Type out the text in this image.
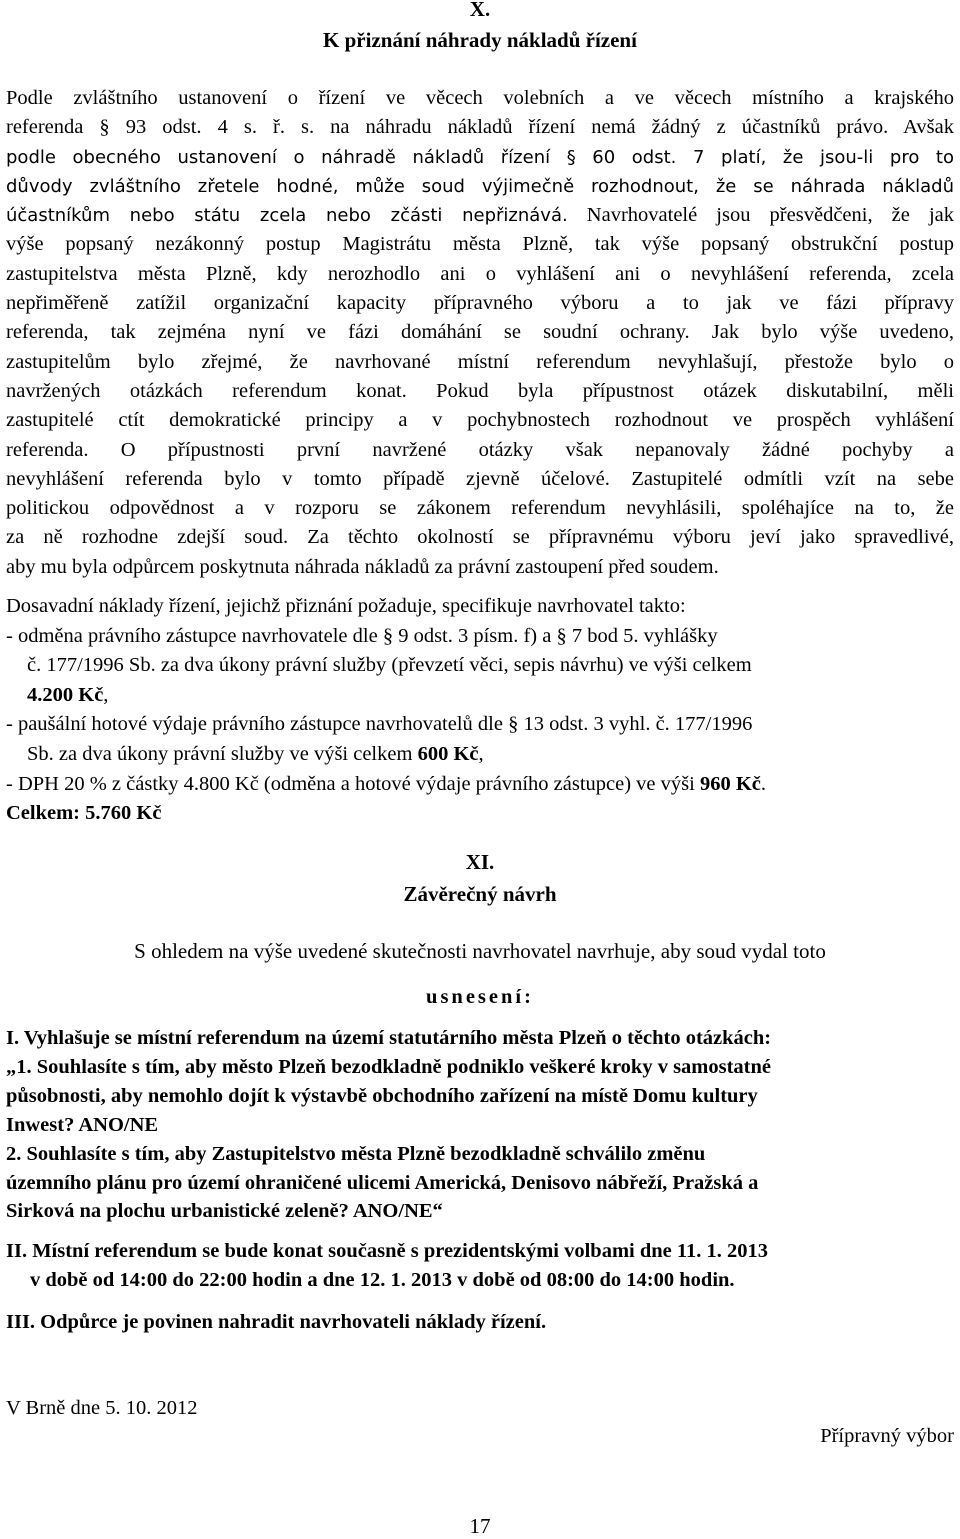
X.
K přiznání náhrady nákladů řízení
Podle zvláštního ustanovení o řízení ve věcech volebních a ve věcech místního a krajského
referenda § 93 odst. 4 s. ř. s. na náhradu nákladů řízení nemá žádný z účastníků právo. Avšak
podle obecného ustanovení o náhradě nákladů řízení § 60 odst. 7 platí, že jsou-li pro to
důvody zvláštního zřetele hodné, může soud výjimečně rozhodnout, že se náhrada nákladů
účastníkům nebo státu zcela nebo zčásti nepřiznává. Navrhovatelé jsou přesvědčeni, že jak
výše popsaný nezákonný postup Magistrátu města Plzně, tak výše popsaný obstrukční postup
zastupitelstva města Plzně, kdy nerozhodlo ani o vyhlášení ani o nevyhlášení referenda, zcela
nepřiměřeně zatížil organizační kapacity přípravného výboru a to jak ve fázi přípravy
referenda, tak zejména nyní ve fázi domáhání se soudní ochrany. Jak bylo výše uvedeno,
zastupitelům bylo zřejmé, že navrhované místní referendum nevyhlašují, přestože bylo o
navržených otázkách referendum konat. Pokud byla přípustnost otázek diskutabilní, měli
zastupitelé ctít demokratické principy a v pochybnostech rozhodnout ve prospěch vyhlášení
referenda. O přípustnosti první navržené otázky však nepanovaly žádné pochyby a
nevyhlášení referenda bylo v tomto případě zjevně účelové. Zastupitelé odmítli vzít na sebe
politickou odpovědnost a v rozporu se zákonem referendum nevyhlásili, spoléhajíce na to, že
za ně rozhodne zdejší soud. Za těchto okolností se přípravnému výboru jeví jako spravedlivé,
aby mu byla odpůrcem poskytnuta náhrada nákladů za právní zastoupení před soudem.
Dosavadní náklady řízení, jejichž přiznání požaduje, specifikuje navrhovatel takto:
- odměna právního zástupce navrhovatele dle § 9 odst. 3 písm. f) a § 7 bod 5. vyhlášky
č. 177/1996 Sb. za dva úkony právní služby (převzetí věci, sepis návrhu) ve výši celkem
4.200 Kč,
- paušální hotové výdaje právního zástupce navrhovatelů dle § 13 odst. 3 vyhl. č. 177/1996
Sb. za dva úkony právní služby ve výši celkem 600 Kč,
- DPH 20 % z částky 4.800 Kč (odměna a hotové výdaje právního zástupce) ve výši 960 Kč.
Celkem: 5.760 Kč
XI.
Závěrečný návrh
S ohledem na výše uvedené skutečnosti navrhovatel navrhuje, aby soud vydal toto
usnesení:
I. Vyhlašuje se místní referendum na území statutárního města Plzeň o těchto otázkách:
„1. Souhlasíte s tím, aby město Plzeň bezodkladně podniklo veškeré kroky v samostatné
působnosti, aby nemohlo dojít k výstavbě obchodního zařízení na místě Domu kultury
Inwest? ANO/NE
2. Souhlasíte s tím, aby Zastupitelstvo města Plzně bezodkladně schválilo změnu
územního plánu pro území ohraničené ulicemi Americká, Denisovo nábřeží, Pražská a
Sirková na plochu urbanistické zeleně? ANO/NE“
II. Místní referendum se bude konat současně s prezidentskými volbami dne 11. 1. 2013
v době od 14:00 do 22:00 hodin a dne 12. 1. 2013 v době od 08:00 do 14:00 hodin.
III. Odpůrce je povinen nahradit navrhovateli náklady řízení.
V Brně dne 5. 10. 2012
Přípravný výbor
17
